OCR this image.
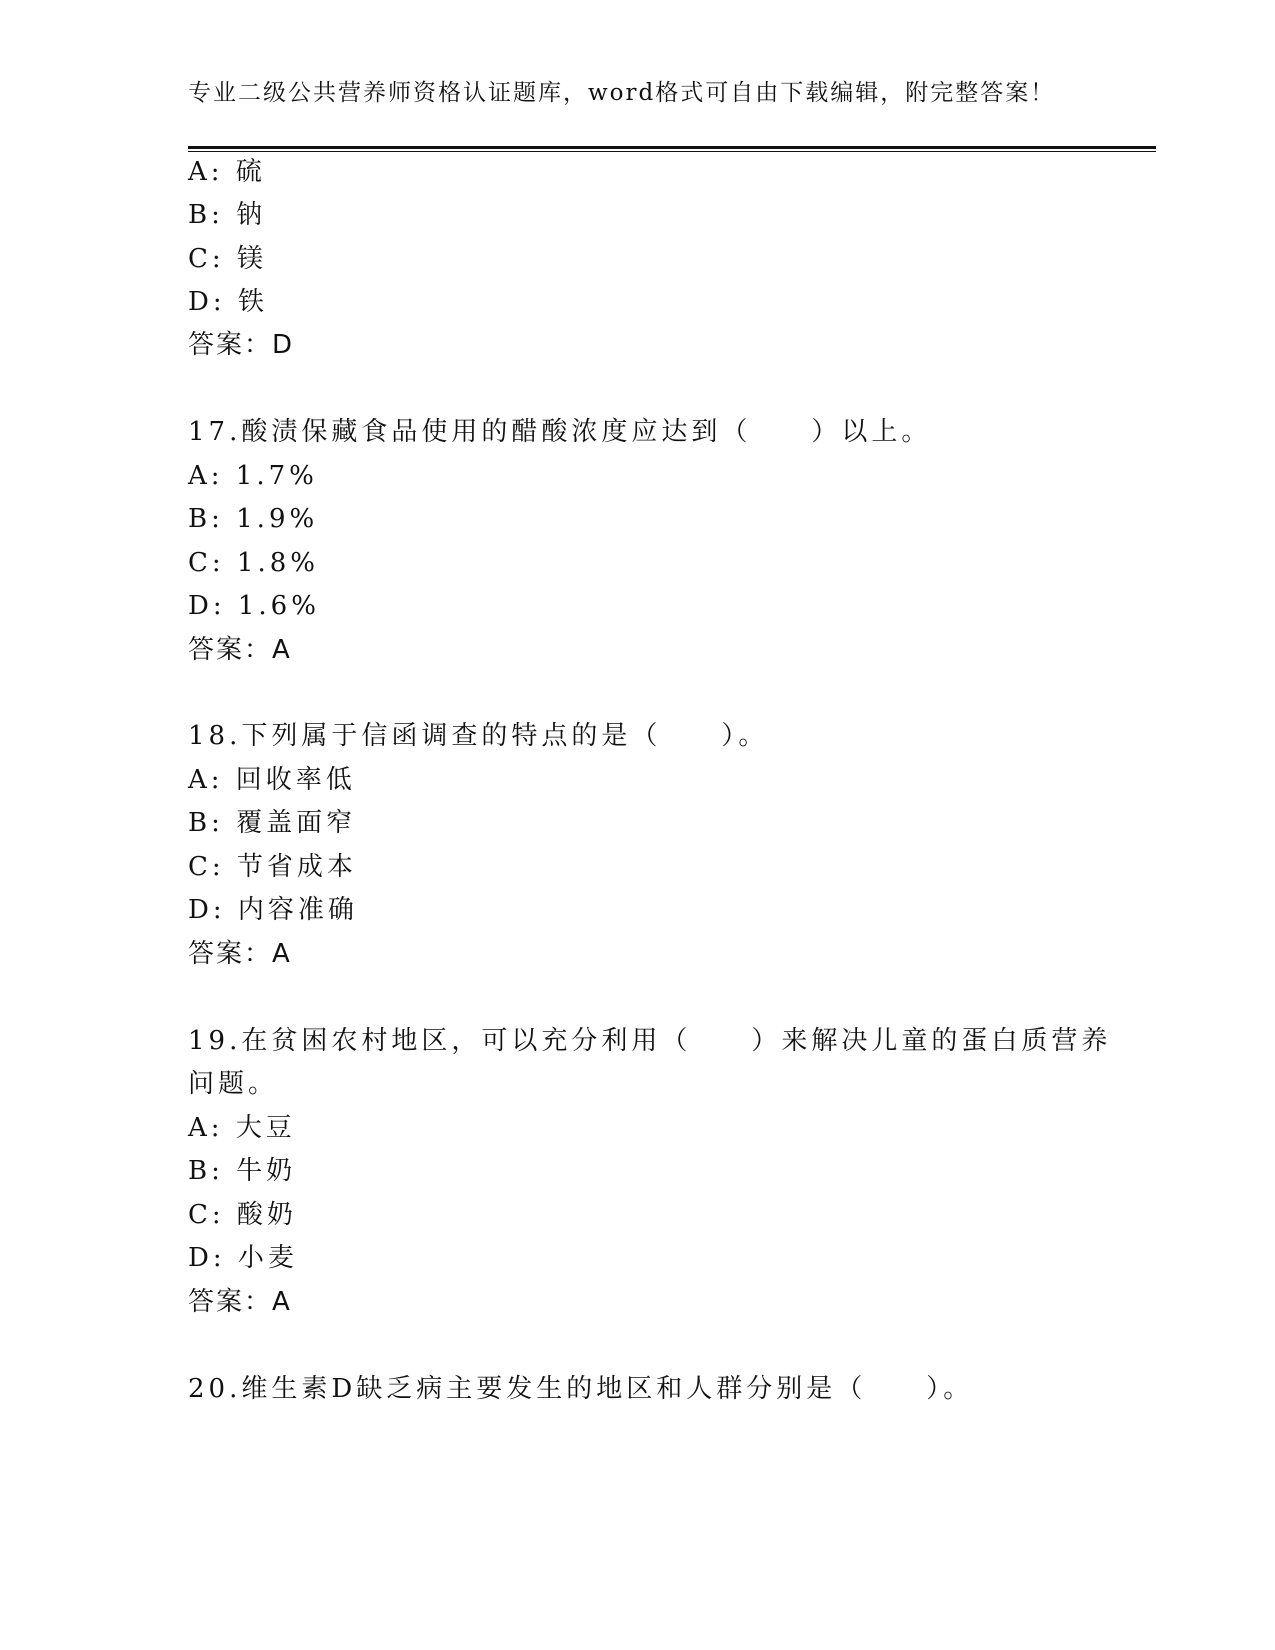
专业二级公共营养师资格认证题库，word格式可自由下载编辑，附完整答案！
A: 硫
B: 钠
C: 镁
D: 铁
答案：D
17.酸渍保藏食品使用的醋酸浓度应达到（　　）以上。
A: 1.7%
B: 1.9%
C: 1.8%
D: 1.6%
答案：A
18.下列属于信函调查的特点的是（　　）。
A: 回收率低
B: 覆盖面窄
C: 节省成本
D: 内容准确
答案：A
19.在贫困农村地区，可以充分利用（　　）来解决儿童的蛋白质营养
问题。
A: 大豆
B: 牛奶
C: 酸奶
D: 小麦
答案：A
20.维生素D缺乏病主要发生的地区和人群分别是（　　）。
